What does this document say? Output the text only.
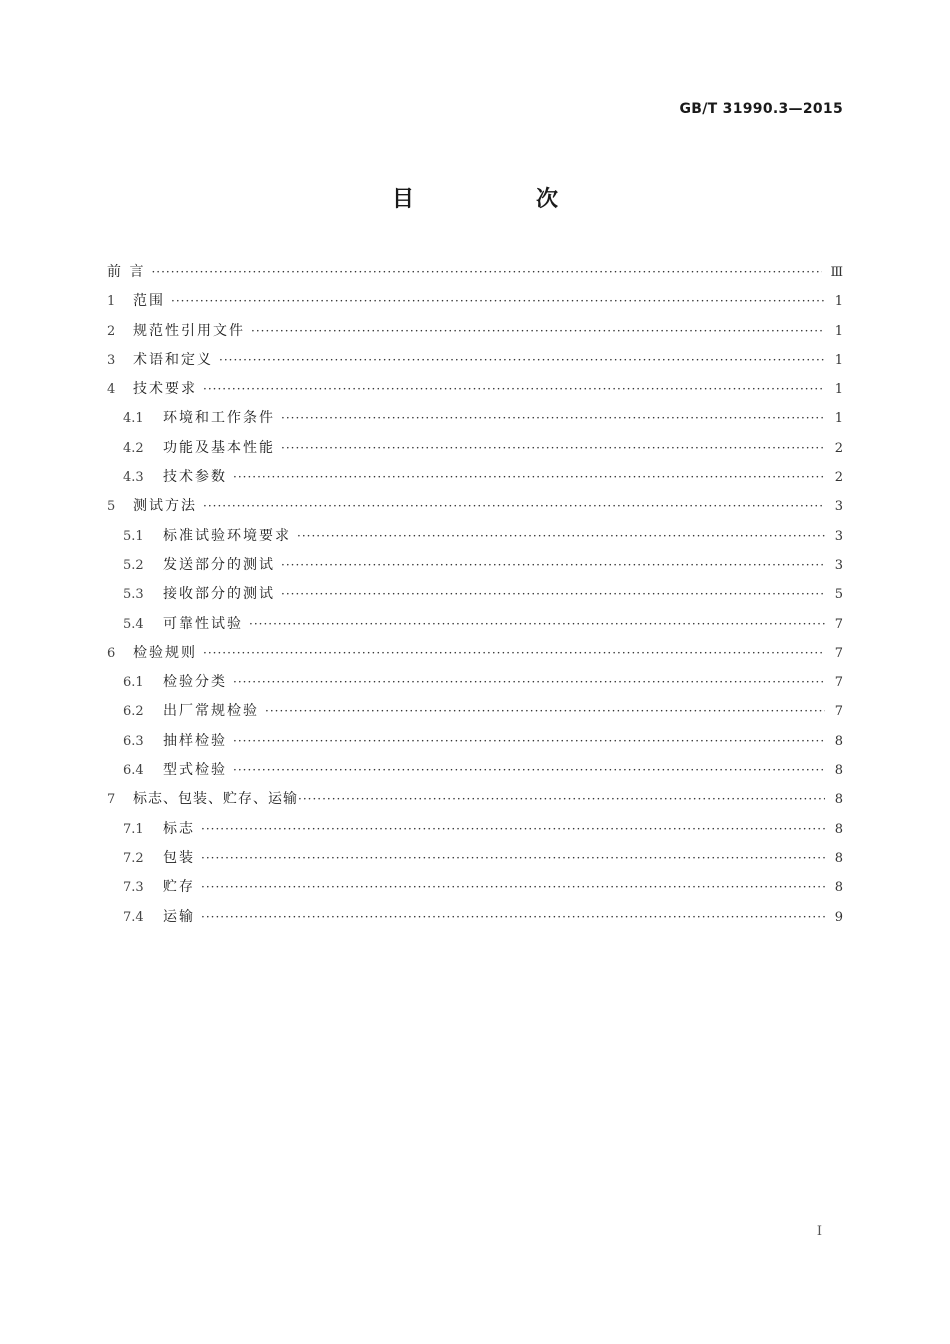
GB/T 31990.3—2015
目　次
前 言 ·····	Ⅲ
1	范围 ·····	1
2	规范性引用文件 ·····	1
3	术语和定义 ·····	1
4	技术要求 ·····	1
4.1	环境和工作条件 ·····	1
4.2	功能及基本性能 ·····	2
4.3	技术参数 ·····	2
5	测试方法 ·····	3
5.1	标准试验环境要求 ·····	3
5.2	发送部分的测试 ·····	3
5.3	接收部分的测试 ·····	5
5.4	可靠性试验 ·····	7
6	检验规则 ·····	7
6.1	检验分类 ·····	7
6.2	出厂常规检验 ·····	7
6.3	抽样检验 ·····	8
6.4	型式检验 ·····	8
7	标志、包装、贮存、运输 ·····	8
7.1	标志 ·····	8
7.2	包装 ·····	8
7.3	贮存 ·····	8
7.4	运输 ·····	9
I
